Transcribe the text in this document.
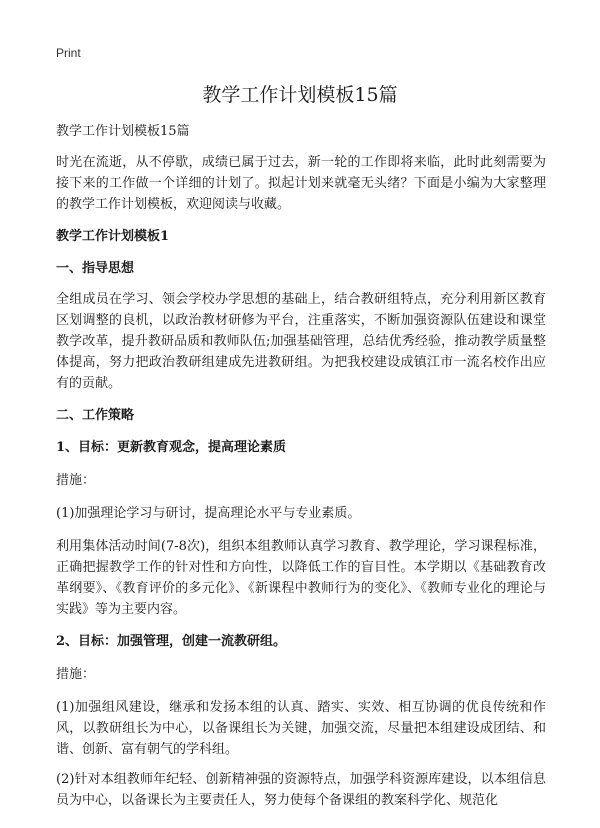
Print
教学工作计划模板15篇

教学工作计划模板15篇

时光在流逝，从不停歇，成绩已属于过去，新一轮的工作即将来临，此时此刻需要为接下来的工作做一个详细的计划了。拟起计划来就毫无头绪？下面是小编为大家整理的教学工作计划模板，欢迎阅读与收藏。

教学工作计划模板1

一、指导思想

全组成员在学习、领会学校办学思想的基础上，结合教研组特点，充分利用新区教育区划调整的良机，以政治教材研修为平台，注重落实，不断加强资源队伍建设和课堂教学改革，提升教研品质和教师队伍;加强基础管理，总结优秀经验，推动教学质量整体提高，努力把政治教研组建成先进教研组。为把我校建设成镇江市一流名校作出应有的贡献。

二、工作策略

1、目标：更新教育观念，提高理论素质

措施：

(1)加强理论学习与研讨，提高理论水平与专业素质。

利用集体活动时间(7-8次)，组织本组教师认真学习教育、教学理论，学习课程标准，正确把握教学工作的针对性和方向性，以降低工作的盲目性。本学期以《基础教育改革纲要》、《教育评价的多元化》、《新课程中教师行为的变化》、《教师专业化的理论与实践》等为主要内容。

2、目标：加强管理，创建一流教研组。

措施：

(1)加强组风建设，继承和发扬本组的认真、踏实、实效、相互协调的优良传统和作风，以教研组长为中心，以备课组长为关键，加强交流，尽量把本组建设成团结、和谐、创新、富有朝气的学科组。

(2)针对本组教师年纪轻、创新精神强的资源特点，加强学科资源库建设，以本组信息员为中心，以备课长为主要责任人，努力使每个备课组的教案科学化、规范化
